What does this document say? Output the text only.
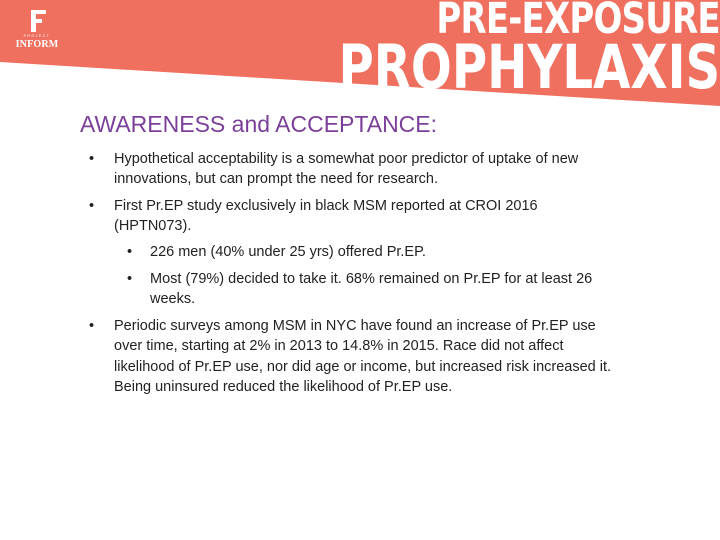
PROJECT
INFORM
PRE-EXPOSURE
PROPHYLAXIS
AWARENESS and ACCEPTANCE:
• Hypothetical acceptability is a somewhat poor predictor of uptake of new innovations, but can prompt the need for research.
• First Pr.EP study exclusively in black MSM reported at CROI 2016 (HPTN073).
• 226 men (40% under 25 yrs) offered Pr.EP.
• Most (79%) decided to take it. 68% remained on Pr.EP for at least 26 weeks.
• Periodic surveys among MSM in NYC have found an increase of Pr.EP use over time, starting at 2% in 2013 to 14.8% in 2015. Race did not affect likelihood of Pr.EP use, nor did age or income, but increased risk increased it. Being uninsured reduced the likelihood of Pr.EP use.
